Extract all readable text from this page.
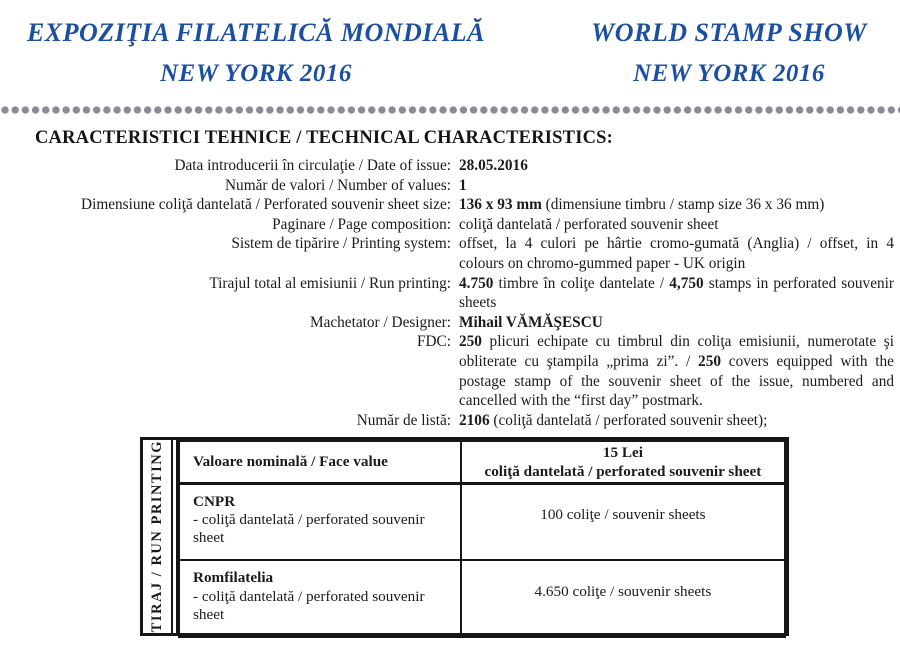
EXPOZIŢIA FILATELICĂ MONDIALĂ
NEW YORK 2016
WORLD STAMP SHOW
NEW YORK 2016
CARACTERISTICI TEHNICE / TECHNICAL CHARACTERISTICS:
Data introducerii în circulaţie / Date of issue: 28.05.2016
Număr de valori / Number of values: 1
Dimensiune coliţă dantelată / Perforated souvenir sheet size: 136 x 93 mm (dimensiune timbru / stamp size 36 x 36 mm)
Paginare / Page composition: coliţă dantelată / perforated souvenir sheet
Sistem de tipărire / Printing system: offset, la 4 culori pe hârtie cromo-gumată (Anglia) / offset, in 4 colours on chromo-gummed paper - UK origin
Tirajul total al emisiunii / Run printing: 4.750 timbre în coliţe dantelate / 4,750 stamps in perforated souvenir sheets
Machetator / Designer: Mihail VĂMĂŞESCU
FDC: 250 plicuri echipate cu timbrul din coliţa emisiunii, numerotate şi obliterate cu ştampila „prima zi”. / 250 covers equipped with the postage stamp of the souvenir sheet of the issue, numbered and cancelled with the “first day” postmark.
Număr de listă: 2106 (coliţă dantelată / perforated souvenir sheet);
TIRAJ / RUN PRINTING Valoare nominală / Face value	15 Lei
coliţă dantelată / perforated souvenir sheet

CNPR
- coliţă dantelată / perforated souvenir sheet	100 coliţe / souvenir sheets

Romfilatelia
- coliţă dantelată / perforated souvenir sheet	4.650 coliţe / souvenir sheets
